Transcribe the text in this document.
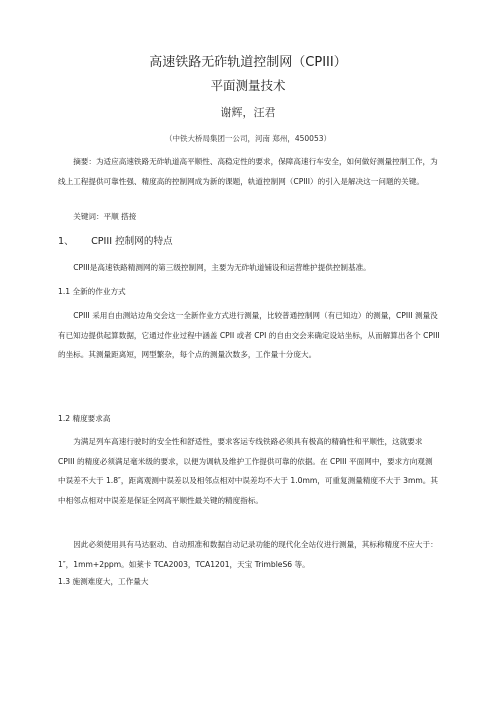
高速铁路无砟轨道控制网（CPIII）
平面测量技术
谢辉，汪君
（中铁大桥局集团一公司，河南 郑州，450053）
摘要：为适应高速铁路无砟轨道高平顺性、高稳定性的要求，保障高速行车安全，如何做好测量控制工作，为线上工程提供可靠性强、精度高的控制网成为新的课题，轨道控制网（CPIII）的引入是解决这一问题的关键。
关键词：平顺 搭接
1、 CPIII 控制网的特点
CPIII是高速铁路精测网的第三级控制网，主要为无砟轨道铺设和运营维护提供控制基准。
1.1 全新的作业方式
CPIII 采用自由测站边角交会这一全新作业方式进行测量，比较普通控制网（有已知边）的测量，CPIII 测量没有已知边提供起算数据，它通过作业过程中涵盖 CPII 或者 CPI 的自由交会来确定设站坐标，从而解算出各个 CPIII 的坐标。其测量距离短，网型繁杂，每个点的测量次数多，工作量十分庞大。
1.2 精度要求高
为满足列车高速行驶时的安全性和舒适性，要求客运专线铁路必须具有极高的精确性和平顺性，这就要求 CPIII 的精度必须满足毫米级的要求，以便为调轨及维护工作提供可靠的依据。在 CPIII 平面网中，要求方向观测中误差不大于 1.8″，距离观测中误差以及相邻点相对中误差均不大于 1.0mm，可重复测量精度不大于 3mm。其中相邻点相对中误差是保证全网高平顺性最关键的精度指标。
因此必须使用具有马达驱动、自动照准和数据自动记录功能的现代化全站仪进行测量，其标称精度不应大于：1″，1mm+2ppm。如莱卡 TCA2003，TCA1201，天宝 TrimbleS6 等。
1.3 施测难度大，工作量大
